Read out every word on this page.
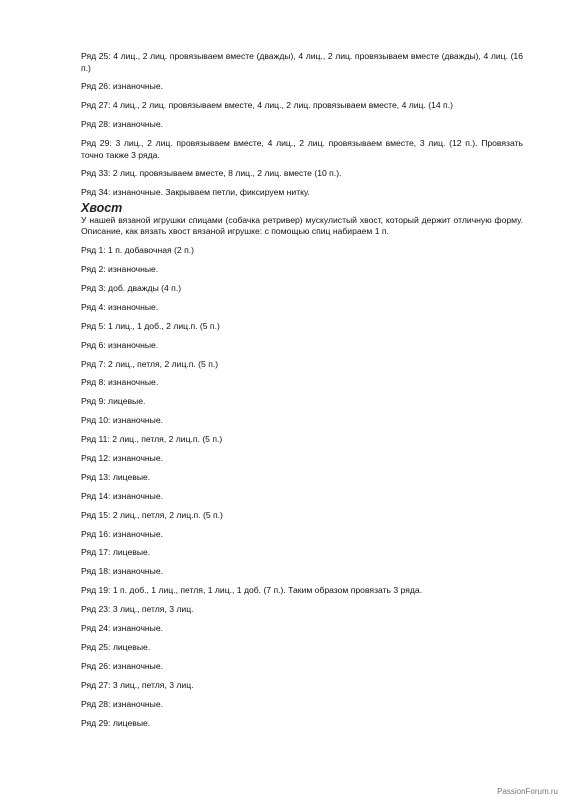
Ряд 25: 4 лиц., 2 лиц. провязываем вместе (дважды), 4 лиц., 2 лиц. провязываем вместе (дважды), 4 лиц. (16 п.)

Ряд 26: изнаночные.

Ряд 27: 4 лиц., 2 лиц. провязываем вместе, 4 лиц., 2 лиц. провязываем вместе, 4 лиц. (14 п.)

Ряд 28: изнаночные.

Ряд 29: 3 лиц., 2 лиц. провязываем вместе, 4 лиц., 2 лиц. провязываем вместе, 3 лиц. (12 п.). Провязать точно также 3 ряда.

Ряд 33: 2 лиц. провязываем вместе, 8 лиц., 2 лиц. вместе (10 п.).

Ряд 34: изнаночные. Закрываем петли, фиксируем нитку.

Хвост

У нашей вязаной игрушки спицами (собачка ретривер) мускулистый хвост, который держит отличную форму. Описание, как вязать хвост вязаной игрушке: с помощью спиц набираем 1 п.

Ряд 1: 1 п. добавочная (2 п.)

Ряд 2: изнаночные.

Ряд 3: доб. дважды (4 п.)

Ряд 4: изнаночные.

Ряд 5: 1 лиц., 1 доб., 2 лиц.п. (5 п.)

Ряд 6: изнаночные.

Ряд 7: 2 лиц., петля, 2 лиц.п. (5 п.)

Ряд 8: изнаночные.

Ряд 9: лицевые.

Ряд 10: изнаночные.

Ряд 11: 2 лиц., петля, 2 лиц.п. (5 п.)

Ряд 12: изнаночные.

Ряд 13: лицевые.

Ряд 14: изнаночные.

Ряд 15: 2 лиц., петля, 2 лиц.п. (5 п.)

Ряд 16: изнаночные.

Ряд 17: лицевые.

Ряд 18: изнаночные.

Ряд 19: 1 п. доб., 1 лиц., петля, 1 лиц., 1 доб. (7 п.). Таким образом провязать 3 ряда.

Ряд 23: 3 лиц., петля, 3 лиц.

Ряд 24: изнаночные.

Ряд 25: лицевые.

Ряд 26: изнаночные.

Ряд 27: 3 лиц., петля, 3 лиц.

Ряд 28: изнаночные.

Ряд 29: лицевые.

PassionForum.ru
